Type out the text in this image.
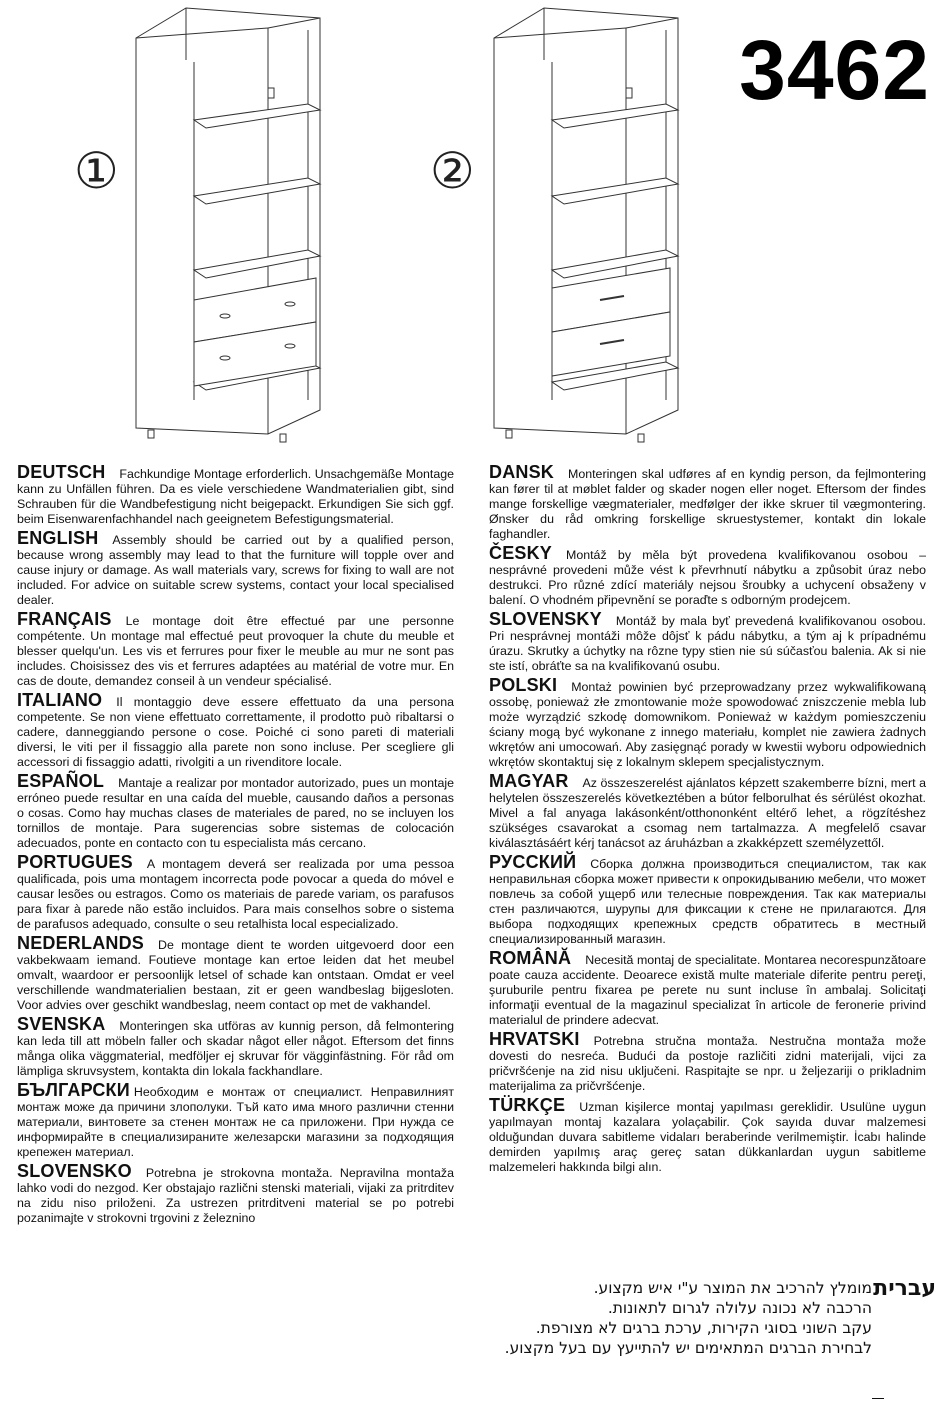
①	②
3462

DEUTSCH Fachkundige Montage erforderlich. Unsachgemäße Montage kann zu Unfällen führen. Da es viele verschiedene Wandmaterialien gibt, sind Schrauben für die Wandbefestigung nicht beigepackt. Erkundigen Sie sich ggf. beim Eisenwarenfachhandel nach geeignetem Befestigungsmaterial.

ENGLISH Assembly should be carried out by a qualified person, because wrong assembly may lead to that the furniture will topple over and cause injury or damage. As wall materials vary, screws for fixing to wall are not included. For advice on suitable screw systems, contact your local specialised dealer.

FRANÇAIS Le montage doit être effectué par une personne compétente. Un montage mal effectué peut provoquer la chute du meuble et blesser quelqu'un. Les vis et ferrures pour fixer le meuble au mur ne sont pas includes. Choisissez des vis et ferrures adaptées au matérial de votre mur. En cas de doute, demandez conseil à un vendeur spécialisé.

ITALIANO Il montaggio deve essere effettuato da una persona competente. Se non viene effettuato correttamente, il prodotto può ribaltarsi o cadere, danneggiando persone o cose. Poiché ci sono pareti di materiali diversi, le viti per il fissaggio alla parete non sono incluse. Per scegliere gli accessori di fissaggio adatti, rivolgiti a un rivenditore locale.

ESPAÑOL Mantaje a realizar por montador autorizado, pues un montaje erróneo puede resultar en una caída del mueble, causando daños a personas o cosas. Como hay muchas clases de materiales de pared, no se incluyen los tornillos de montaje. Para sugerencias sobre sistemas de colocación adecuados, ponte en contacto con tu especialista más cercano.

PORTUGUES A montagem deverá ser realizada por uma pessoa qualificada, pois uma montagem incorrecta pode povocar a queda do móvel e causar lesões ou estragos. Como os materiais de parede variam, os parafusos para fixar à parede não estão incluidos. Para mais conselhos sobre o sistema de parafusos adequado, consulte o seu retalhista local especializado.

NEDERLANDS De montage dient te worden uitgevoerd door een vakbekwaam iemand. Foutieve montage kan ertoe leiden dat het meubel omvalt, waardoor er persoonlijk letsel of schade kan ontstaan. Omdat er veel verschillende wandmaterialien bestaan, zit er geen wandbeslag bijgesloten. Voor advies over geschikt wandbeslag, neem contact op met de vakhandel.

SVENSKA Monteringen ska utföras av kunnig person, då felmontering kan leda till att möbeln faller och skadar något eller något. Eftersom det finns många olika väggmaterial, medföljer ej skruvar för vägginfästning. För råd om lämpliga skruvsystem, kontakta din lokala fackhandlare.

БЪЛГАРСКИ Необходим е монтаж от специалист. Неправилният монтаж може да причини злополуки. Тъй като има много различни стенни материали, винтовете за стенен монтаж не са приложени. При нужда се информирайте в специализираните железарски магазини за подходящия крепежен материал.

SLOVENSKO Potrebna je strokovna montaža. Nepravilna montaža lahko vodi do nezgod. Ker obstajajo različni stenski materiali, vijaki za pritrditev na zidu niso priloženi. Za ustrezen pritrditveni material se po potrebi pozanimajte v strokovni trgovini z železnino

DANSK Monteringen skal udføres af en kyndig person, da fejlmontering kan fører til at møblet falder og skader nogen eller noget. Eftersom der findes mange forskellige vægmaterialer, medfølger der ikke skruer til vægmontering. Ønsker du råd omkring forskellige skruestystemer, kontakt din lokale faghandler.

ČESKY Montáž by měla být provedena kvalifikovanou osobou – nesprávné provedeni může vést k převrhnutí nábytku a způsobit úraz nebo destrukci. Pro různé zdící materiály nejsou šroubky a uchycení obsaženy v balení. O vhodném připevnění se poraďte s odborným prodejcem.

SLOVENSKY Montáž by mala byť prevedená kvalifikovanou osobou. Pri nesprávnej montáži môže dôjsť k pádu nábytku, a tým aj k prípadnému úrazu. Skrutky a úchytky na rôzne typy stien nie sú súčasťou balenia. Ak si nie ste istí, obráťte sa na kvalifikovanú osubu.

POLSKI Montaż powinien być przeprowadzany przez wykwalifikowaną ossobę, ponieważ złe zmontowanie może spowodować zniszczenie mebla lub może wyrządzić szkodę domownikom. Ponieważ w każdym pomieszczeniu ściany mogą być wykonane z innego materiału, komplet nie zawiera żadnych wkrętów ani umocowań. Aby zasięgnąć porady w kwestii wyboru odpowiednich wkrętów skontaktuj się z lokalnym sklepem specjalistycznym.

MAGYAR Az összeszerelést ajánlatos képzett szakemberre bízni, mert a helytelen összeszerelés következtében a bútor felborulhat és sérülést okozhat. Mivel a fal anyaga lakásonként/otthononként eltérő lehet, a rögzítéshez szükséges csavarokat a csomag nem tartalmazza. A megfelelő csavar kiválasztásáért kérj tanácsot az áruházban a zkakképzett személyzettől.

РУССКИЙ Сборка должна производиться специалистом, так как неправильная сборка может привести к опрокидыванию мебели, что может повлечь за собой ущерб или телесные повреждения. Так как материалы стен различаются, шурупы для фиксации к стене не прилагаются. Для выбора подходящих крепежных средств обратитесь в местный специализированный магазин.

ROMÂNĂ Necesită montaj de specialitate. Montarea necorespunzătoare poate cauza accidente. Deoarece există multe materiale diferite pentru pereţi, şuruburile pentru fixarea pe perete nu sunt incluse în ambalaj. Solicitaţi informaţii eventual de la magazinul specializat în articole de feronerie privind materialul de prindere adecvat.

HRVATSKI Potrebna stručna montaža. Nestručna montaža može dovesti do nesreća. Budući da postoje različiti zidni materijali, vijci za pričvršćenje na zid nisu uključeni. Raspitajte se npr. u željezariji o prikladnim materijalima za pričvršćenje.

TÜRKÇE Uzman kişilerce montaj yapılması gereklidir. Usulüne uygun yapılmayan montaj kazalara yolaçabilir. Çok sayıda duvar malzemesi olduğundan duvara sabitleme vidaları beraberinde verilmemiştir. İcabı halinde demirden yapılmış araç gereç satan dükkanlardan uygun sabitleme malzemeleri hakkında bilgi alın.

עברית
מומלץ להרכיב את המוצר ע"י איש מקצוע.
הרכבה לא נכונה עלולה לגרום לתאונות.
עקב השוני בסוגי הקירות, ערכת ברגים לא מצורפת.
לבחירת הברגים המתאימים יש להתייעץ עם בעל מקצוע.
